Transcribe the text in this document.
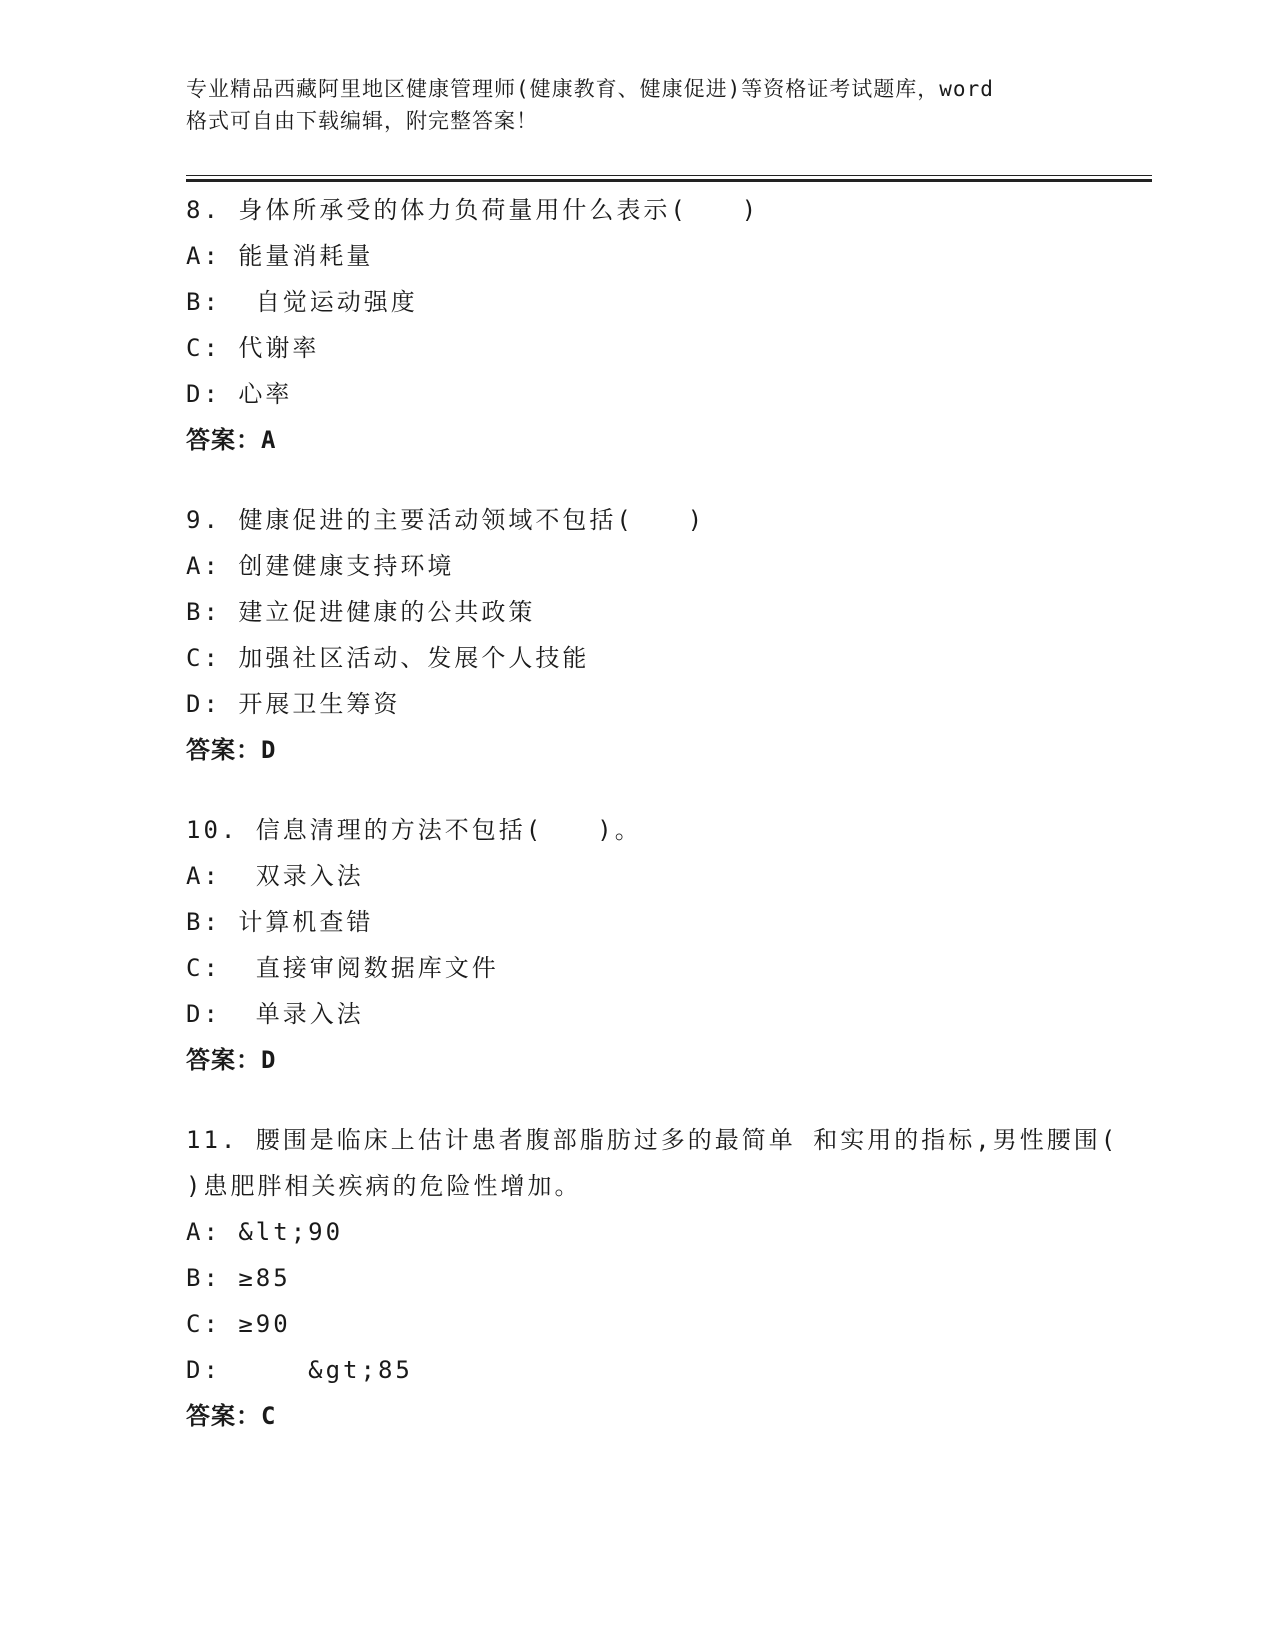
专业精品西藏阿里地区健康管理师(健康教育、健康促进)等资格证考试题库，word
格式可自由下载编辑，附完整答案！
8. 身体所承受的体力负荷量用什么表示(　　)
A: 能量消耗量
B:  自觉运动强度
C: 代谢率
D: 心率
答案：A
9. 健康促进的主要活动领域不包括(　　)
A: 创建健康支持环境
B: 建立促进健康的公共政策
C: 加强社区活动、发展个人技能
D: 开展卫生筹资
答案：D
10. 信息清理的方法不包括(　　)。
A:  双录入法
B: 计算机查错
C:  直接审阅数据库文件
D:  单录入法
答案：D
11. 腰围是临床上估计患者腹部脂肪过多的最简单 和实用的指标,男性腰围( )患肥胖相关疾病的危险性增加。
A: &lt;90
B: ≥85
C: ≥90
D:     &gt;85
答案：C
